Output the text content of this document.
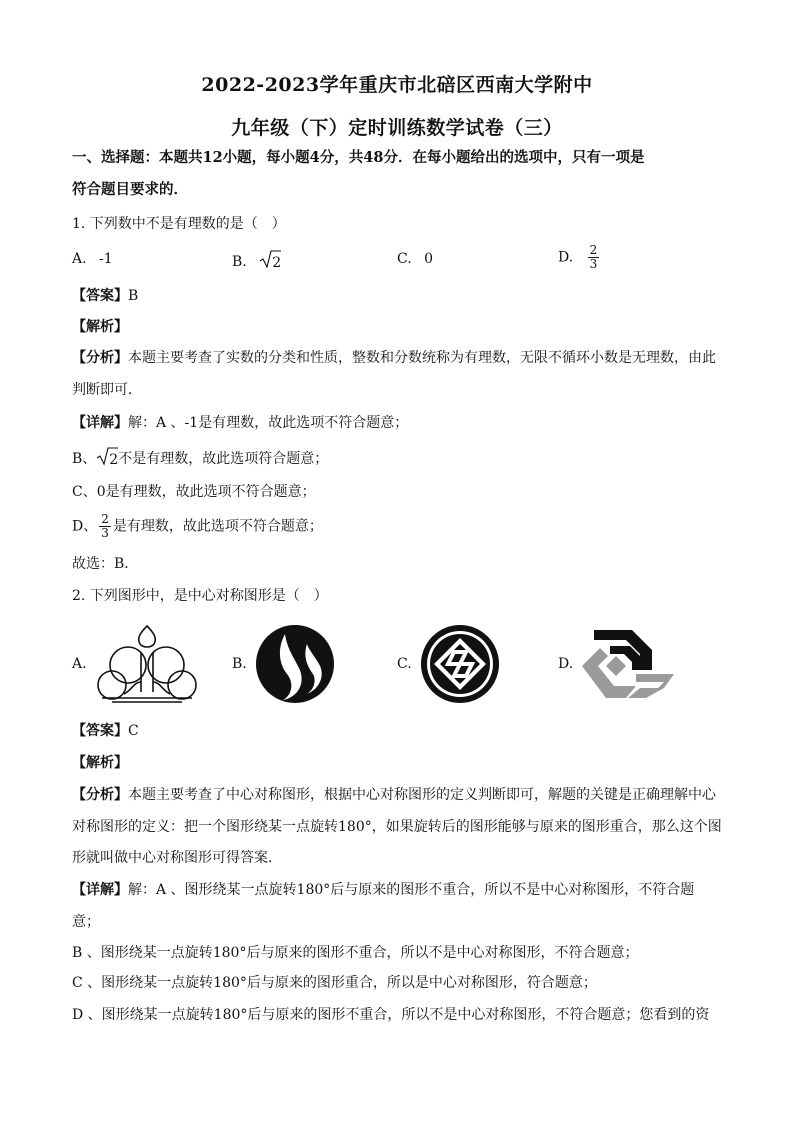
2022-2023学年重庆市北碚区西南大学附中
九年级（下）定时训练数学试卷（三）
一、选择题：本题共12小题，每小题4分，共48分．在每小题给出的选项中，只有一项是
符合题目要求的．
1. 下列数中不是有理数的是（　）
A. -1	B. 2	C. 0	D. $\frac{2}{3}$
【答案】B
【解析】
【分析】本题主要考查了实数的分类和性质，整数和分数统称为有理数，无限不循环小数是无理数，由此
判断即可．
【详解】解：A 、-1是有理数，故此选项不符合题意；
B、 2不是有理数，故此选项符合题意；
C、0是有理数，故此选项不符合题意；
D、 $\frac{2}{3}$ 是有理数，故此选项不符合题意；
故选：B．
2. 下列图形中，是中心对称图形是（　）
A.	B.	C.	D.
【答案】C
【解析】
【分析】本题主要考查了中心对称图形，根据中心对称图形的定义判断即可，解题的关键是正确理解中心
对称图形的定义：把一个图形绕某一点旋转180°，如果旋转后的图形能够与原来的图形重合，那么这个图
形就叫做中心对称图形可得答案．
【详解】解：A 、图形绕某一点旋转180°后与原来的图形不重合，所以不是中心对称图形，不符合题
意；
B 、图形绕某一点旋转180°后与原来的图形不重合，所以不是中心对称图形，不符合题意；
C 、图形绕某一点旋转180°后与原来的图形重合，所以是中心对称图形，符合题意；
D 、图形绕某一点旋转180°后与原来的图形不重合，所以不是中心对称图形，不符合题意；您看到的资
